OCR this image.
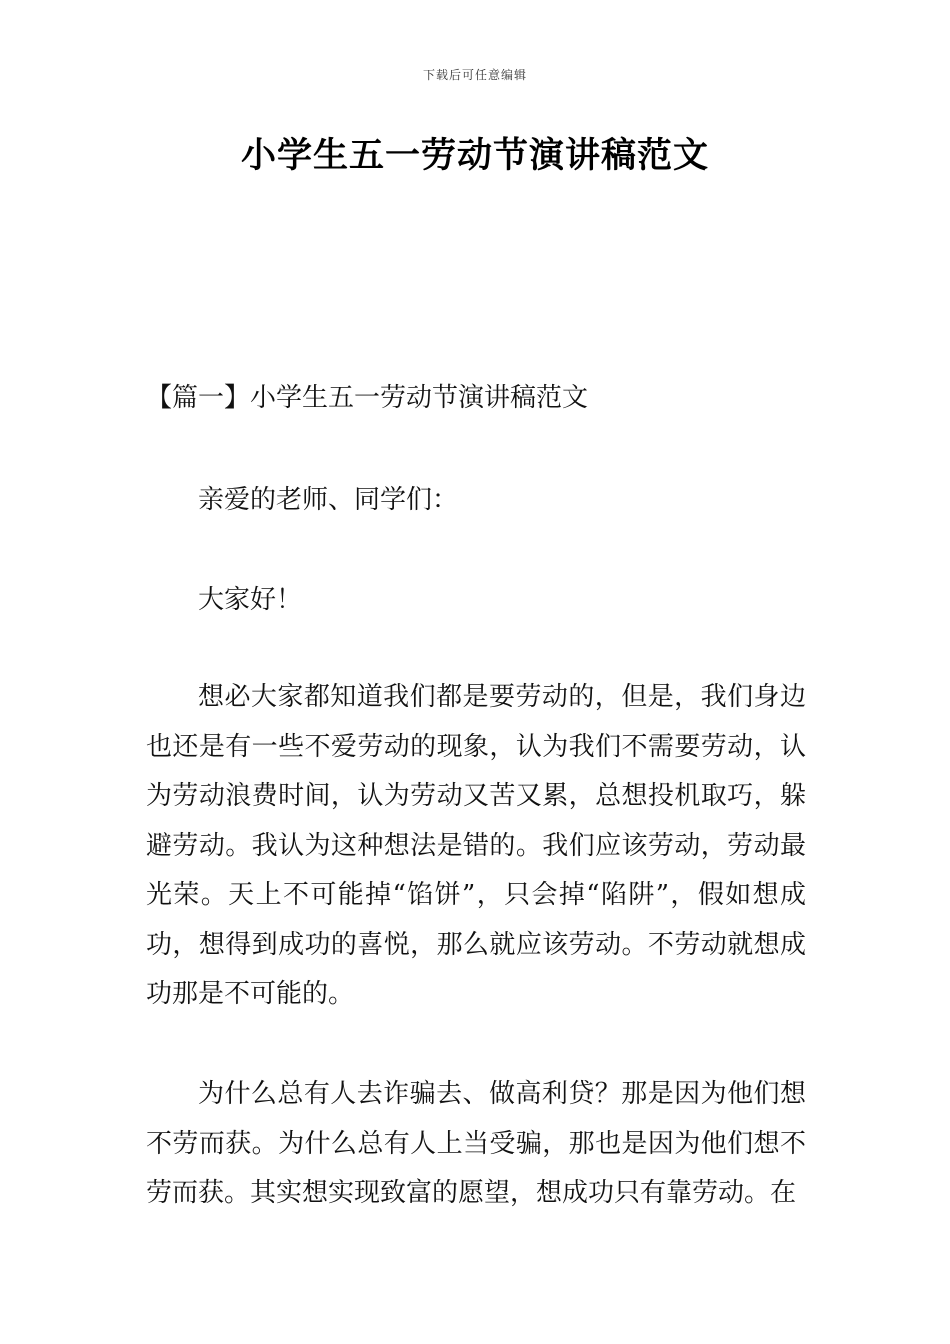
下载后可任意编辑
小学生五一劳动节演讲稿范文
【篇一】小学生五一劳动节演讲稿范文

亲爱的老师、同学们：

大家好！

想必大家都知道我们都是要劳动的，但是，我们身边也还是有一些不爱劳动的现象，认为我们不需要劳动，认为劳动浪费时间，认为劳动又苦又累，总想投机取巧，躲避劳动。我认为这种想法是错的。我们应该劳动，劳动最光荣。天上不可能掉“馅饼”，只会掉“陷阱”，假如想成功，想得到成功的喜悦，那么就应该劳动。不劳动就想成功那是不可能的。

为什么总有人去诈骗去、做高利贷？那是因为他们想不劳而获。为什么总有人上当受骗，那也是因为他们想不劳而获。其实想实现致富的愿望，想成功只有靠劳动。在
